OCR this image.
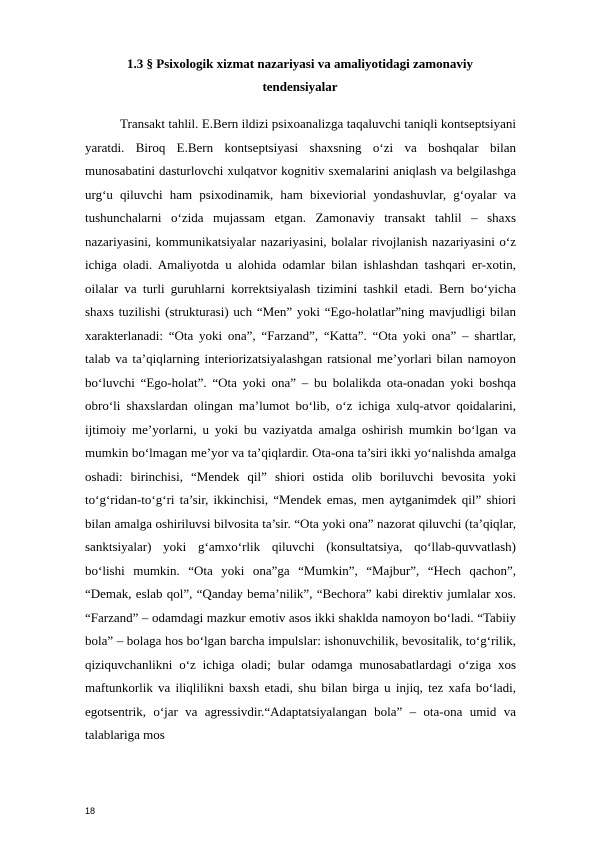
1.3 § Psixologik xizmat nazariyasi va amaliyotidagi zamonaviy
tendensiyalar

Transakt tahlil. E.Bern ildizi psixoanalizga taqaluvchi taniqli kontseptsiyani yaratdi. Biroq E.Bern kontseptsiyasi shaxsning o‘zi va boshqalar bilan munosabatini dasturlovchi xulqatvor kognitiv sxemalarini aniqlash va belgilashga urg‘u qiluvchi ham psixodinamik, ham bixeviorial yondashuvlar, g‘oyalar va tushunchalarni o‘zida mujassam etgan. Zamonaviy transakt tahlil – shaxs nazariyasini, kommunikatsiyalar nazariyasini, bolalar rivojlanish nazariyasini o‘z ichiga oladi. Amaliyotda u alohida odamlar bilan ishlashdan tashqari er-xotin, oilalar va turli guruhlarni korrektsiyalash tizimini tashkil etadi. Bern bo‘yicha shaxs tuzilishi (strukturasi) uch “Men” yoki “Ego-holatlar”ning mavjudligi bilan xarakterlanadi: “Ota yoki ona”, “Farzand”, “Katta”. “Ota yoki ona” – shartlar, talab va ta’qiqlarning interiorizatsiyalashgan ratsional me’yorlari bilan namoyon bo‘luvchi “Ego-holat”. “Ota yoki ona” – bu bolalikda ota-onadan yoki boshqa obro‘li shaxslardan olingan ma’lumot bo‘lib, o‘z ichiga xulq-atvor qoidalarini, ijtimoiy me’yorlarni, u yoki bu vaziyatda amalga oshirish mumkin bo‘lgan va mumkin bo‘lmagan me’yor va ta’qiqlardir. Ota-ona ta’siri ikki yo‘nalishda amalga oshadi: birinchisi, “Mendek qil” shiori ostida olib boriluvchi bevosita yoki to‘g‘ridan-to‘g‘ri ta’sir, ikkinchisi, “Mendek emas, men aytganimdek qil” shiori bilan amalga oshiriluvsi bilvosita ta’sir. “Ota yoki ona” nazorat qiluvchi (ta’qiqlar, sanktsiyalar) yoki g‘amxo‘rlik qiluvchi (konsultatsiya, qo‘llab-quvvatlash) bo‘lishi mumkin. “Ota yoki ona”ga “Mumkin”, “Majbur”, “Hech qachon”, “Demak, eslab qol”, “Qanday bema’nilik”, “Bechora” kabi direktiv jumlalar xos. “Farzand” – odamdagi mazkur emotiv asos ikki shaklda namoyon bo‘ladi. “Tabiiy bola” – bolaga hos bo‘lgan barcha impulslar: ishonuvchilik, bevositalik, to‘g‘rilik, qiziquvchanlikni o‘z ichiga oladi; bular odamga munosabatlardagi o‘ziga xos maftunkorlik va iliqlilikni baxsh etadi, shu bilan birga u injiq, tez xafa bo‘ladi, egotsentrik, o‘jar va agressivdir.“Adaptatsiyalangan bola” – ota-ona umid va talablariga mos

18
